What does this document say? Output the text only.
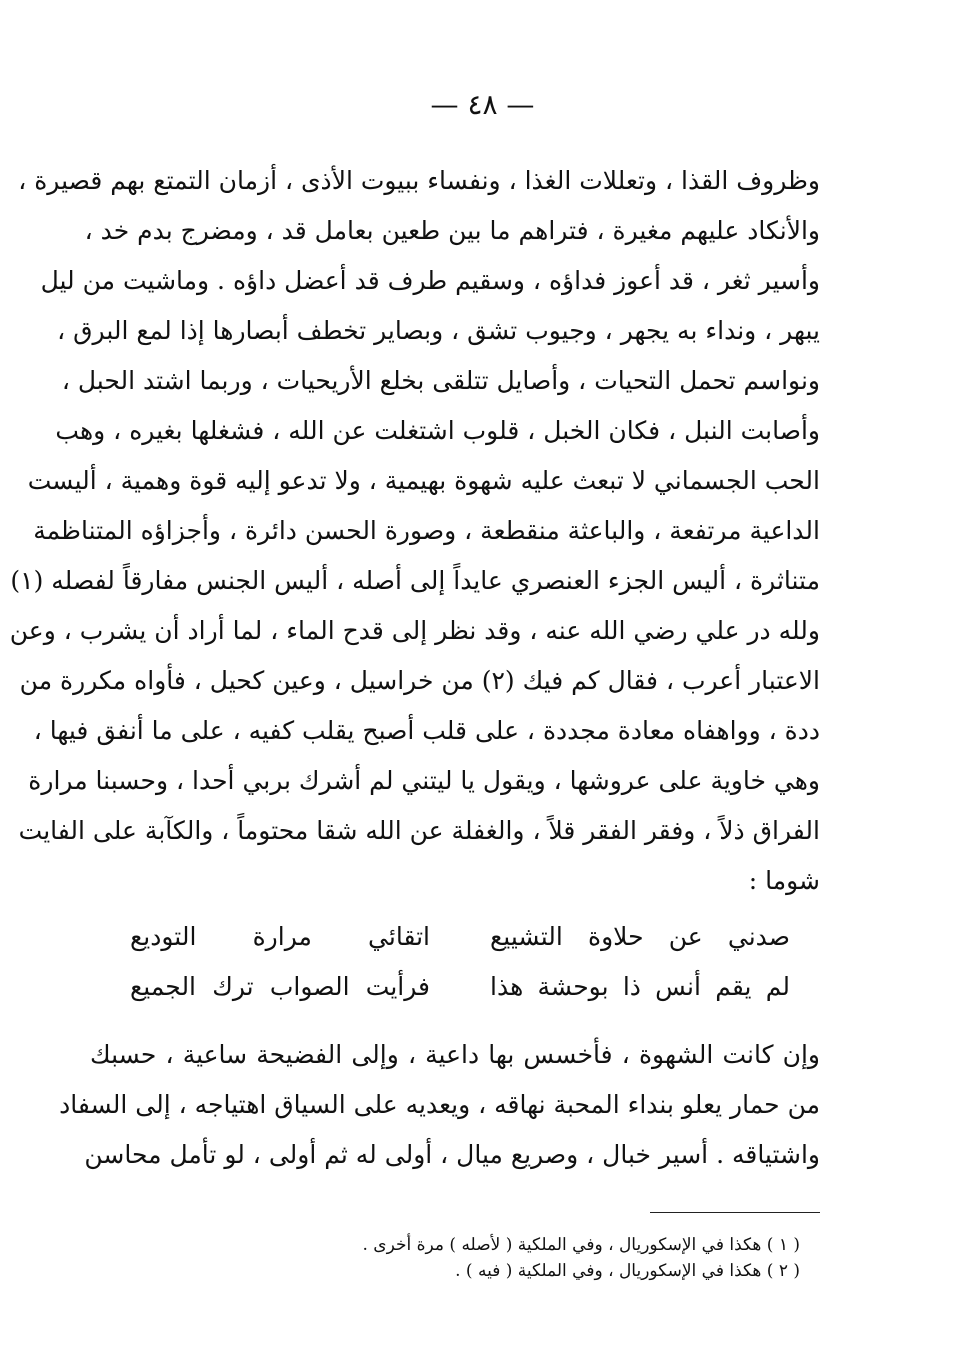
— ٤٨ —
وظروف القذا ، وتعللات الغذا ، ونفساء ببيوت الأذى ، أزمان التمتع بهم قصيرة ،
والأنكاد عليهم مغيرة ، فتراهم ما بين طعين بعامل قد ، ومضرج بدم خد ،
وأسير ثغر ، قد أعوز فداؤه ، وسقيم طرف قد أعضل داؤه . وماشيت من ليل
يبهر ، ونداء به يجهر ، وجيوب تشق ، وبصاير تخطف أبصارها إذا لمع البرق ،
ونواسم تحمل التحيات ، وأصايل تتلقى بخلع الأريحيات ، وربما اشتد الحبل ،
وأصابت النبل ، فكان الخبل ، قلوب اشتغلت عن الله ، فشغلها بغيره ، وهب
الحب الجسماني لا تبعث عليه شهوة بهيمية ، ولا تدعو إليه قوة وهمية ، أليست
الداعية مرتفعة ، والباعثة منقطعة ، وصورة الحسن دائرة ، وأجزاؤه المتناظمة
متناثرة ، أليس الجزء العنصري عايداً إلى أصله ، أليس الجنس مفارقاً لفصله (١)
ولله در علي رضي الله عنه ، وقد نظر إلى قدح الماء ، لما أراد أن يشرب ، وعن
الاعتبار أعرب ، فقال كم فيك (٢) من خراسيل ، وعين كحيل ، فأواه مكررة من
ددة ، وواهفاه معادة مجددة ، على قلب أصبح يقلب كفيه ، على ما أنفق فيها ،
وهي خاوية على عروشها ، ويقول يا ليتني لم أشرك بربي أحدا ، وحسبنا مرارة
الفراق ذلاً ، وفقر الفقر قلاً ، والغفلة عن الله شقا محتوماً ، والكآبة على الفايت
شوما :
صدني عن حلاوة التشييع
اتقائي مرارة التوديع
لم يقم أنس ذا بوحشة هذا
فرأيت الصواب ترك الجميع
وإن كانت الشهوة ، فأخسس بها داعية ، وإلى الفضيحة ساعية ، حسبك
من حمار يعلو بنداء المحبة نهاقه ، ويعديه على السياق اهتياجه ، إلى السفاد
واشتياقه . أسير خبال ، وصريع ميال ، أولى له ثم أولى ، لو تأمل محاسن
( ١ ) هكذا في الإسكوريال ، وفي الملكية ( لأصله ) مرة أخرى .
( ٢ ) هكذا في الإسكوريال ، وفي الملكية ( فيه ) .
